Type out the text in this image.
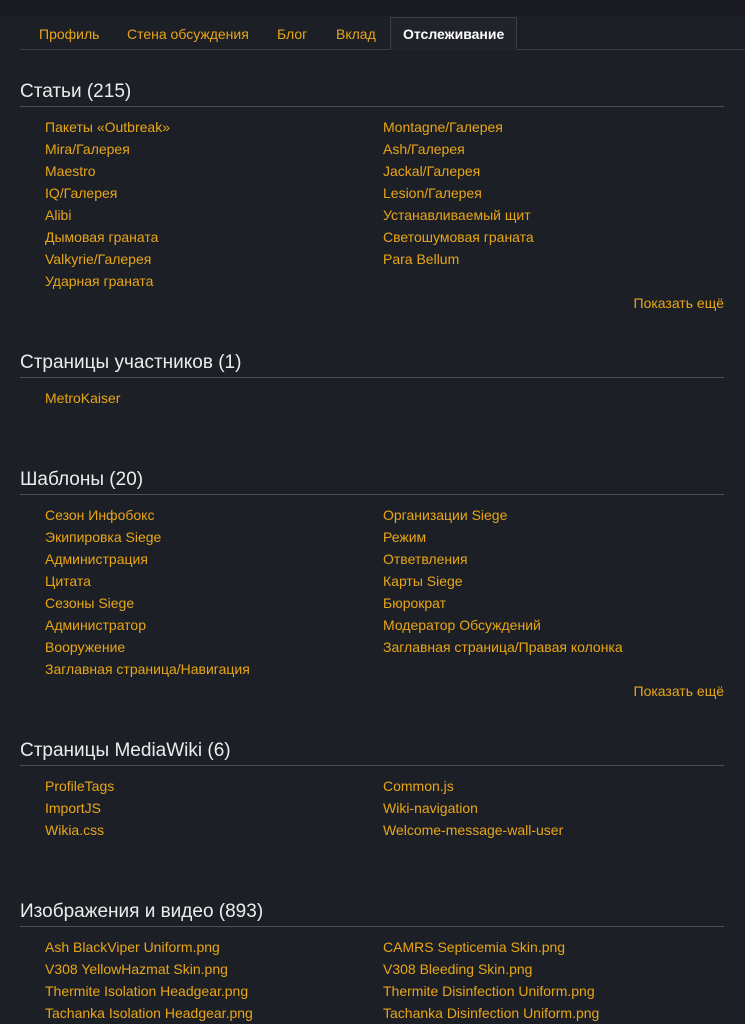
Профиль Стена обсуждения Блог Вклад	Отслеживание
Статьи (215)
Пакеты «Outbreak»
Mira/Галерея
Maestro
IQ/Галерея
Alibi
Дымовая граната
Valkyrie/Галерея
Ударная граната
Montagne/Галерея
Ash/Галерея
Jackal/Галерея
Lesion/Галерея
Устанавливаемый щит
Светошумовая граната
Para Bellum
Показать ещё
Страницы участников (1)
MetroKaiser
Шаблоны (20)
Сезон Инфобокс
Экипировка Siege
Администрация
Цитата
Сезоны Siege
Администратор
Вооружение
Заглавная страница/Навигация
Организации Siege
Режим
Ответвления
Карты Siege
Бюрократ
Модератор Обсуждений
Заглавная страница/Правая колонка
Показать ещё
Страницы MediaWiki (6)
ProfileTags
ImportJS
Wikia.css
Common.js
Wiki-navigation
Welcome-message-wall-user
Изображения и видео (893)
Ash BlackViper Uniform.png
V308 YellowHazmat Skin.png
Thermite Isolation Headgear.png
Tachanka Isolation Headgear.png
CAMRS Septicemia Skin.png
V308 Bleeding Skin.png
Thermite Disinfection Uniform.png
Tachanka Disinfection Uniform.png
